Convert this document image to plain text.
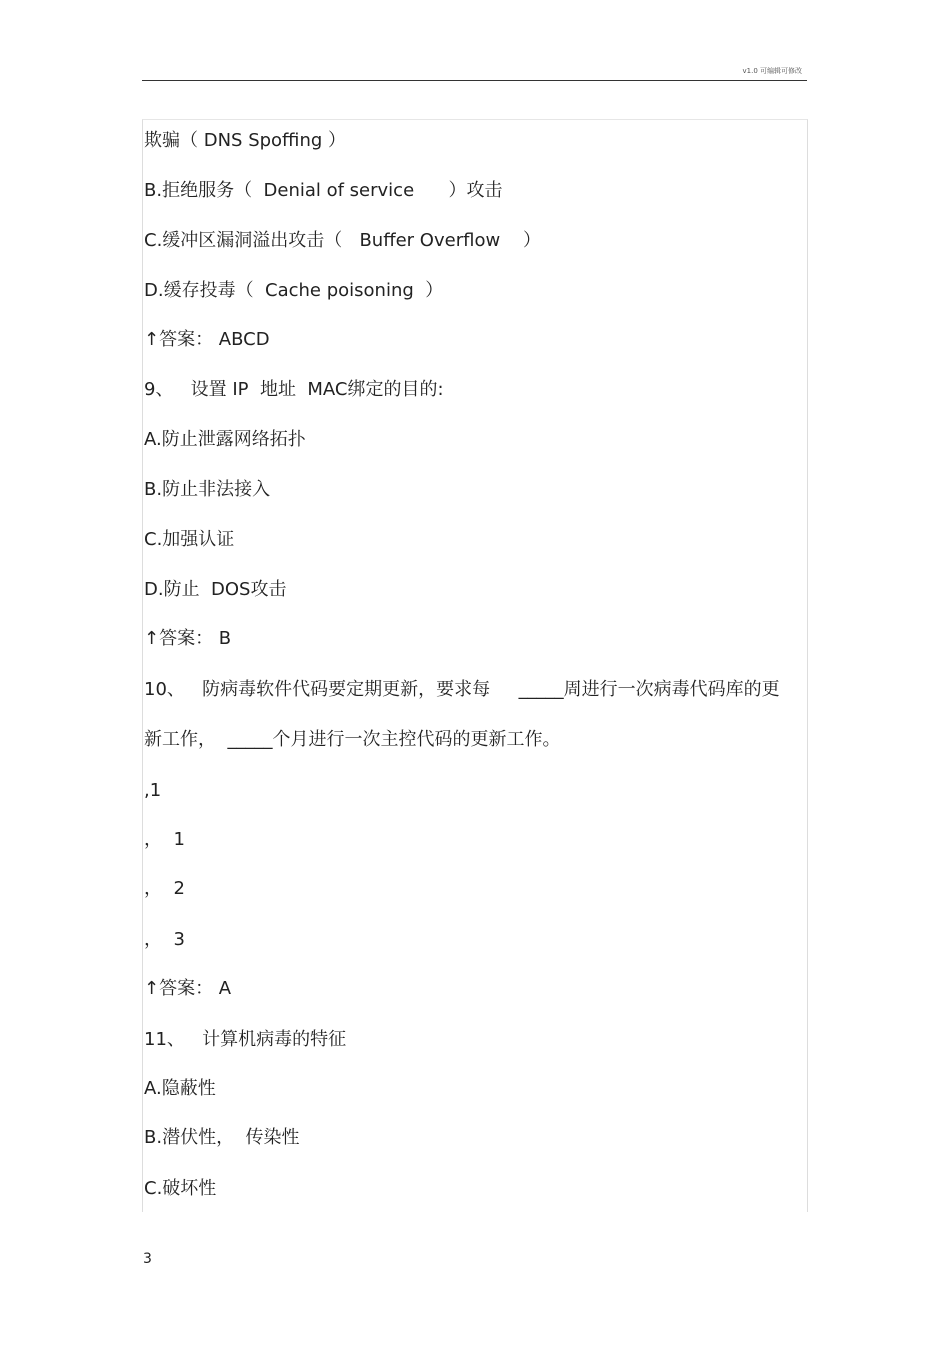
v1.0 可编辑可修改
欺骗（ DNS Spoffing ）
B.拒绝服务（  Denial of service      ）攻击
C.缓冲区漏洞溢出攻击（   Buffer Overflow    ）
D.缓存投毒（  Cache poisoning  ）
↑答案： ABCD
9、   设置 IP  地址  MAC绑定的目的:
A.防止泄露网络拓扑
B.防止非法接入
C.加强认证
D.防止  DOS攻击
↑答案： B
10、   防病毒软件代码要定期更新，要求每     _____周进行一次病毒代码库的更
新工作，  _____个月进行一次主控代码的更新工作。
,1
，  1
，  2
，  3
↑答案： A
11、   计算机病毒的特征
A.隐蔽性
B.潜伏性，  传染性
C.破坏性
3
